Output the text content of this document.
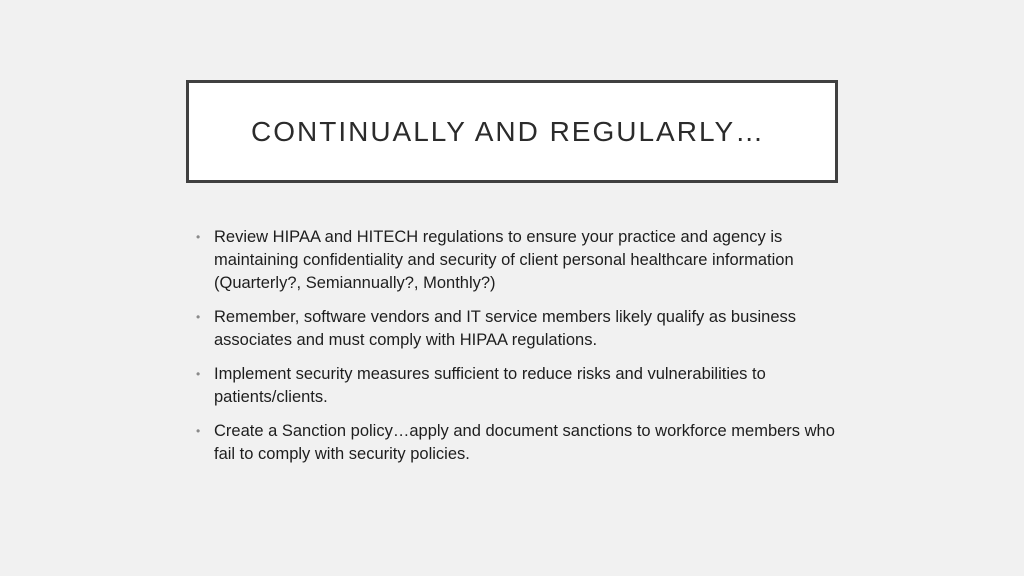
CONTINUALLY AND REGULARLY…
• Review HIPAA and HITECH regulations to ensure your practice and agency is maintaining confidentiality and security of client personal healthcare information (Quarterly?, Semiannually?, Monthly?)
• Remember, software vendors and IT service members likely qualify as business associates and must comply with HIPAA regulations.
• Implement security measures sufficient to reduce risks and vulnerabilities to patients/clients.
• Create a Sanction policy…apply and document sanctions to workforce members who fail to comply with security policies.
